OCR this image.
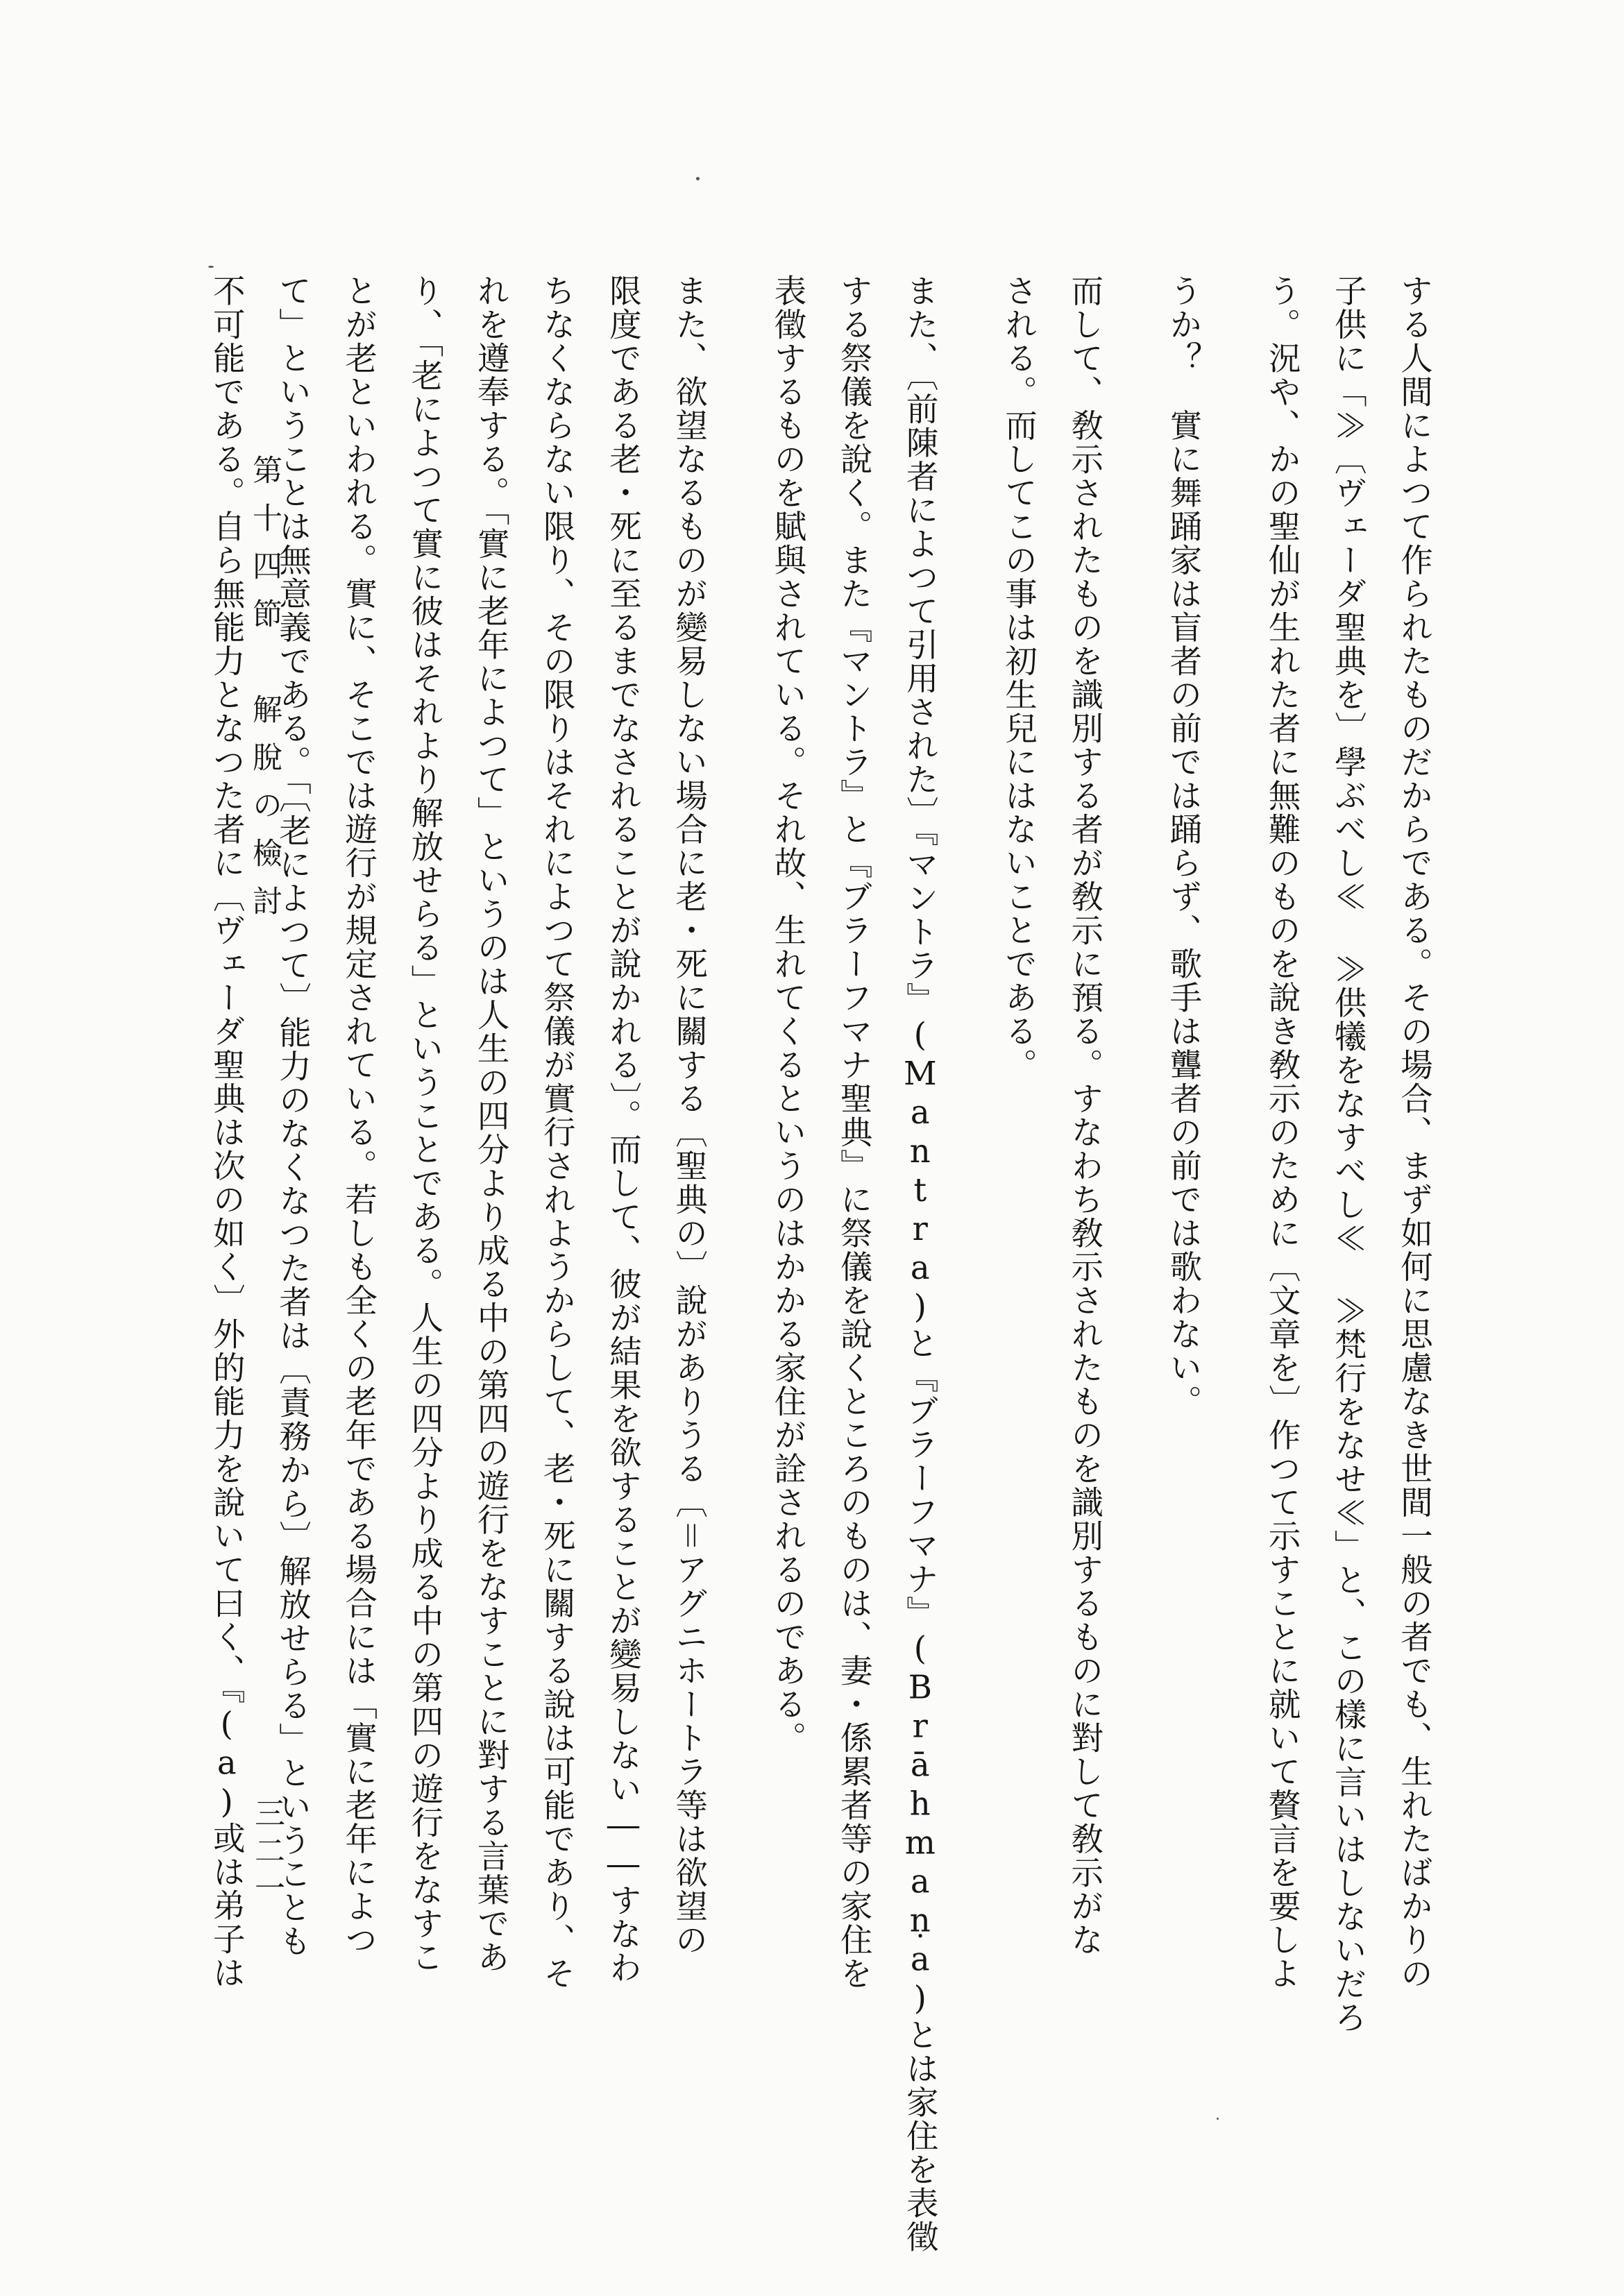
する人間によつて作られたものだからである。その場合、まず如何に思慮なき世間一般の者でも、生れたばかりの
子供に「≫〔ヴェーダ聖典を〕學ぶべし≪ ≫供犧をなすべし≪ ≫梵行をなせ≪」と、この樣に言いはしないだろ
う。況や、かの聖仙が生れた者に無難のものを說き敎示のために〔文章を〕作つて示すことに就いて贅言を要しよ
うか？　實に舞踊家は盲者の前では踊らず、歌手は聾者の前では歌わない。
而して、敎示されたものを識別する者が敎示に預る。すなわち敎示されたものを識別するものに對して敎示がな
される。而してこの事は初生兒にはないことである。
また、〔前陳者によつて引用された〕『マントラ』(Mantra)と『ブラーフマナ』(Brāhmaṇa)とは家住を表徵
する祭儀を說く。また『マントラ』と『ブラーフマナ聖典』に祭儀を說くところのものは、妻・係累者等の家住を
表徵するものを賦與されている。それ故、生れてくるというのはかかる家住が詮されるのである。
また、欲望なるものが變易しない場合に老・死に關する〔聖典の〕說がありうる〔＝アグニホートラ等は欲望の
限度である老・死に至るまでなされることが說かれる〕。而して、彼が結果を欲することが變易しない――すなわ
ちなくならない限り、その限りはそれによつて祭儀が實行されようからして、老・死に關する說は可能であり、そ
れを遵奉する。「實に老年によつて」というのは人生の四分より成る中の第四の遊行をなすことに對する言葉であ
り、「老によつて實に彼はそれより解放せらる」ということである。人生の四分より成る中の第四の遊行をなすこ
とが老といわれる。實に、そこでは遊行が規定されている。若しも全くの老年である場合には「實に老年によつ
て」ということは無意義である。「〔老によつて〕能力のなくなつた者は〔責務から〕解放せらる」ということも
不可能である。自ら無能力となつた者に〔ヴェーダ聖典は次の如く〕外的能力を說いて曰く、『(a)或は弟子は 第十四節　解脫の檢討
三二一
